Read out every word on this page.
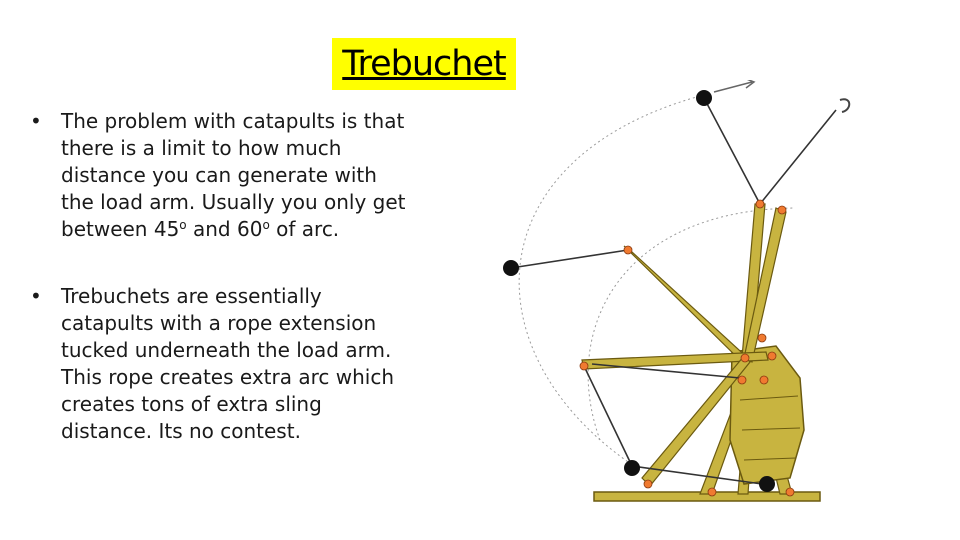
Trebuchet
• The problem with catapults is that there is a limit to how much distance you can generate with the load arm. Usually you only get between 45$^o$ and 60$^o$ of arc.
• Trebuchets are essentially catapults with a rope extension tucked underneath the load arm. This rope creates extra arc which creates tons of extra sling distance. Its no contest.
